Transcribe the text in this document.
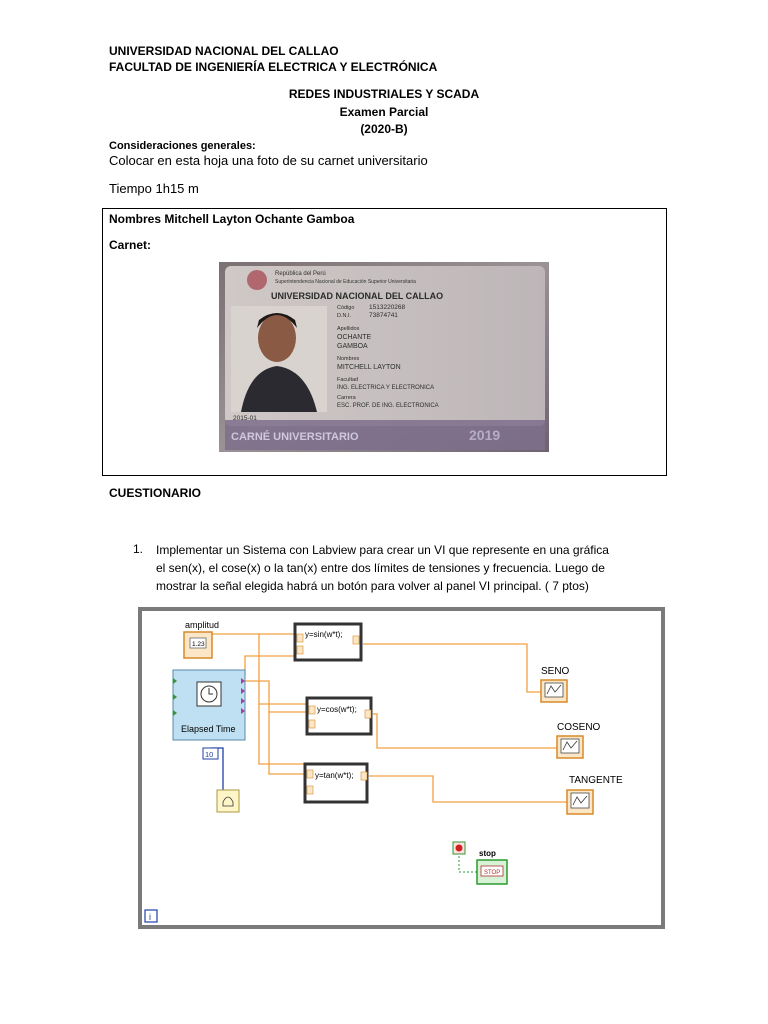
UNIVERSIDAD NACIONAL DEL CALLAO
FACULTAD DE INGENIERÍA ELECTRICA Y ELECTRÓNICA
REDES INDUSTRIALES Y SCADA
Examen Parcial
(2020-B)
Consideraciones generales:
Colocar en esta hoja una foto de su carnet universitario
Tiempo 1h15 m
Nombres Mitchell Layton Ochante Gamboa
Carnet:
República del Perú
Superintendencia Nacional de Educación Superior Universitaria
UNIVERSIDAD NACIONAL DEL CALLAO
Código 1513220268
D.N.I.	73874741
Apellidos
OCHANTE
GAMBOA
Nombres
MITCHELL LAYTON
Facultad
ING. ELECTRICA Y ELECTRONICA
Carrera
ESC. PROF. DE ING. ELECTRONICA
2015-01
CARNÉ UNIVERSITARIO	2019
CUESTIONARIO
1. Implementar un Sistema con Labview para crear un VI que represente en una gráfica
el sen(x), el cose(x) o la tan(x) entre dos límites de tensiones y frecuencia. Luego de
mostrar la señal elegida habrá un botón para volver al panel VI principal. ( 7 ptos)
amplitud
1.23
Elapsed Time
10
y=sin(w*t);
y=cos(w*t);
y=tan(w*t);
SENO
COSENO
TANGENTE
stop
STOP
i
